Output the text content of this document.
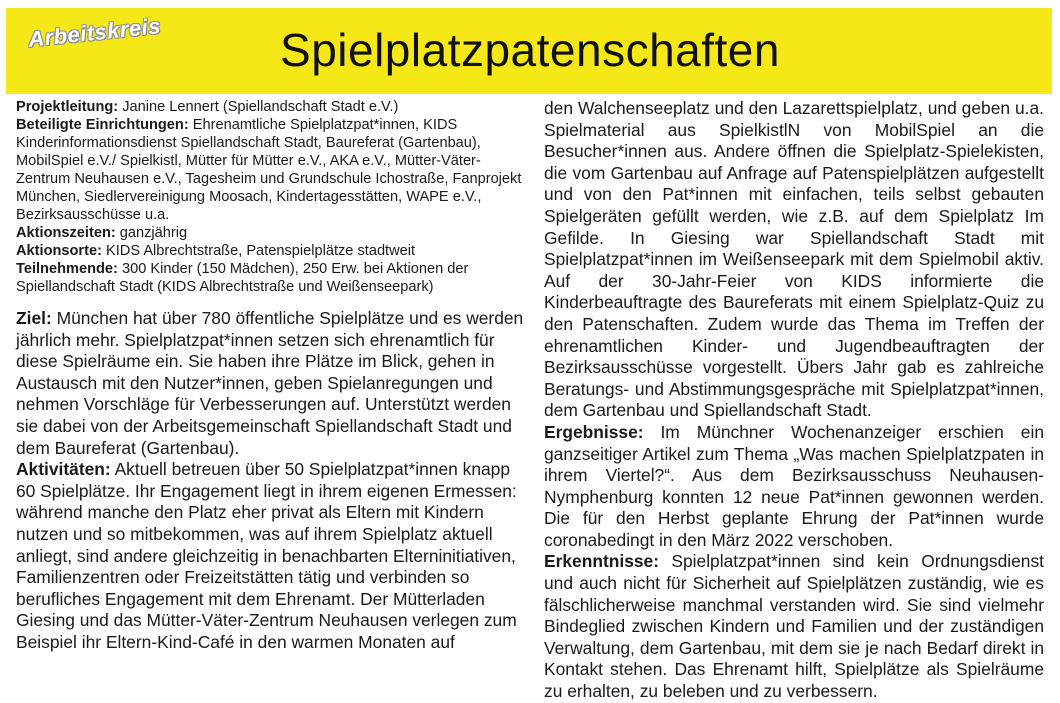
Arbeitskreis	Spielplatzpatenschaften

Projektleitung: Janine Lennert (Spiellandschaft Stadt e.V.)

Beteiligte Einrichtungen: Ehrenamtliche Spielplatzpat*innen, KIDS Kinderinformationsdienst Spiellandschaft Stadt, Baureferat (Gartenbau), MobilSpiel e.V./ Spielkistl, Mütter für Mütter e.V., AKA e.V., Mütter-Väter-Zentrum Neuhausen e.V., Tagesheim und Grundschule Ichostraße, Fanprojekt München, Siedlervereinigung Moosach, Kindertagesstätten, WAPE e.V., Bezirksausschüsse u.a.

Aktionszeiten: ganzjährig

Aktionsorte: KIDS Albrechtstraße, Patenspielplätze stadtweit

Teilnehmende: 300 Kinder (150 Mädchen), 250 Erw. bei Aktionen der Spiellandschaft Stadt (KIDS Albrechtstraße und Weißenseepark)

Ziel: München hat über 780 öffentliche Spielplätze und es werden jährlich mehr. Spielplatzpat*innen setzen sich ehrenamtlich für diese Spielräume ein. Sie haben ihre Plätze im Blick, gehen in Austausch mit den Nutzer*innen, geben Spielanregungen und nehmen Vorschläge für Verbesserungen auf. Unterstützt werden sie dabei von der Arbeitsgemeinschaft Spiellandschaft Stadt und dem Baureferat (Gartenbau).

Aktivitäten: Aktuell betreuen über 50 Spielplatzpat*innen knapp 60 Spielplätze. Ihr Engagement liegt in ihrem eigenen Ermessen: während manche den Platz eher privat als Eltern mit Kindern nutzen und so mitbekommen, was auf ihrem Spielplatz aktuell anliegt, sind andere gleichzeitig in benachbarten Elterninitiativen, Familienzentren oder Freizeitstätten tätig und verbinden so berufliches Engagement mit dem Ehrenamt. Der Mütterladen Giesing und das Mütter-Väter-Zentrum Neuhausen verlegen zum Beispiel ihr Eltern-Kind-Café in den warmen Monaten auf

den Walchenseeplatz und den Lazarettspielplatz, und geben u.a. Spielmaterial aus SpielkistlN von MobilSpiel an die Besucher*innen aus. Andere öffnen die Spielplatz-Spielekisten, die vom Gartenbau auf Anfrage auf Patenspielplätzen aufgestellt und von den Pat*innen mit einfachen, teils selbst gebauten Spielgeräten gefüllt werden, wie z.B. auf dem Spielplatz Im Gefilde. In Giesing war Spiellandschaft Stadt mit Spielplatzpat*innen im Weißenseepark mit dem Spielmobil aktiv. Auf der 30-Jahr-Feier von KIDS informierte die Kinderbeauftragte des Baureferats mit einem Spielplatz-Quiz zu den Patenschaften. Zudem wurde das Thema im Treffen der ehrenamtlichen Kinder- und Jugendbeauftragten der Bezirksausschüsse vorgestellt. Übers Jahr gab es zahlreiche Beratungs- und Abstimmungsgespräche mit Spielplatzpat*innen, dem Gartenbau und Spiellandschaft Stadt.

Ergebnisse: Im Münchner Wochenanzeiger erschien ein ganzseitiger Artikel zum Thema „Was machen Spielplatzpaten in ihrem Viertel?“. Aus dem Bezirksausschuss Neuhausen-Nymphenburg konnten 12 neue Pat*innen gewonnen werden. Die für den Herbst geplante Ehrung der Pat*innen wurde coronabedingt in den März 2022 verschoben.

Erkenntnisse: Spielplatzpat*innen sind kein Ordnungsdienst und auch nicht für Sicherheit auf Spielplätzen zuständig, wie es fälschlicherweise manchmal verstanden wird. Sie sind vielmehr Bindeglied zwischen Kindern und Familien und der zuständigen Verwaltung, dem Gartenbau, mit dem sie je nach Bedarf direkt in Kontakt stehen. Das Ehrenamt hilft, Spielplätze als Spielräume zu erhalten, zu beleben und zu verbessern.
